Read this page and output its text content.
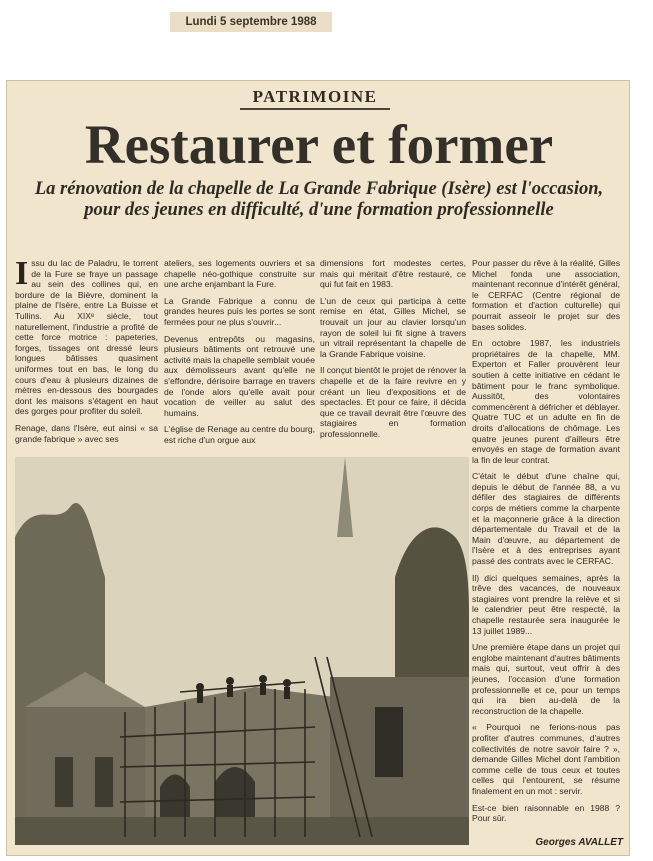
Lundi 5 septembre 1988
PATRIMOINE
Restaurer et former
La rénovation de la chapelle de La Grande Fabrique (Isère) est l'occasion, pour des jeunes en difficulté, d'une formation professionnelle

Issu du lac de Paladru, le torrent de la Fure se fraye un passage au sein des collines qui, en bordure de la Bièvre, dominent la plaine de l'Isère, entre La Buisse et Tullins. Au XIXᵉ siècle, tout naturellement, l'industrie a profité de cette force motrice : papeteries, forges, tissages ont dressé leurs longues bâtisses quasiment uniformes tout en bas, le long du cours d'eau à plusieurs dizaines de mètres en-dessous des bourgades dont les maisons s'étagent en haut des gorges pour profiter du soleil.

Renage, dans l'Isère, eut ainsi « sa grande fabrique » avec ses

ateliers, ses logements ouvriers et sa chapelle néo-gothique construite sur une arche enjambant la Fure.

La Grande Fabrique a connu de grandes heures puis les portes se sont fermées pour ne plus s'ouvrir...

Devenus entrepôts ou magasins, plusieurs bâtiments ont retrouvé une activité mais la chapelle semblait vouée aux démolisseurs avant qu'elle ne s'effondre, dérisoire barrage en travers de l'onde alors qu'elle avait pour vocation de veiller au salut des humains.

L'église de Renage au centre du bourg, est riche d'un orgue aux

dimensions fort modestes certes, mais qui méritait d'être restauré, ce qui fut fait en 1983.

L'un de ceux qui participa à cette remise en état, Gilles Michel, se trouvait un jour au clavier lorsqu'un rayon de soleil lui fit signe à travers un vitrail représentant la chapelle de la Grande Fabrique voisine.

Il conçut bientôt le projet de rénover la chapelle et de la faire revivre en y créant un lieu d'expositions et de spectacles. Et pour ce faire, il décida que ce travail devrait être l'œuvre des stagiaires en formation professionnelle.

Pour passer du rêve à la réalité, Gilles Michel fonda une association, maintenant reconnue d'intérêt général, le CERFAC (Centre régional de formation et d'action culturelle) qui pourrait asseoir le projet sur des bases solides.

En octobre 1987, les industriels propriétaires de la chapelle, MM. Experton et Faller prouvèrent leur soutien à cette initiative en cédant le bâtiment pour le franc symbolique. Aussitôt, des volontaires commencèrent à défricher et déblayer. Quatre TUC et un adulte en fin de droits d'allocations de chômage. Les quatre jeunes purent d'ailleurs être envoyés en stage de formation avant la fin de leur contrat.

C'était le début d'une chaîne qui, depuis le début de l'année 88, a vu défiler des stagiaires de différents corps de métiers comme la charpente et la maçonnerie grâce à la direction départementale du Travail et de la Main d'œuvre, au département de l'Isère et à des entreprises ayant passé des contrats avec le CERFAC.

Il) dici quelques semaines, après la trêve des vacances, de nouveaux stagiaires vont prendre la relève et si le calendrier peut être respecté, la chapelle restaurée sera inaugurée le 13 juillet 1989...

Une première étape dans un projet qui englobe maintenant d'autres bâtiments mais qui, surtout, veut offrir à des jeunes, l'occasion d'une formation professionnelle et ce, pour un temps qui ira bien au-delà de la reconstruction de la chapelle.

« Pourquoi ne ferions-nous pas profiter d'autres communes, d'autres collectivités de notre savoir faire ? », demande Gilles Michel dont l'ambition comme celle de tous ceux et toutes celles qui l'entourent, se résume finalement en un mot : servir.

Est-ce bien raisonnable en 1988 ? Pour sûr.

Georges AVALLET
